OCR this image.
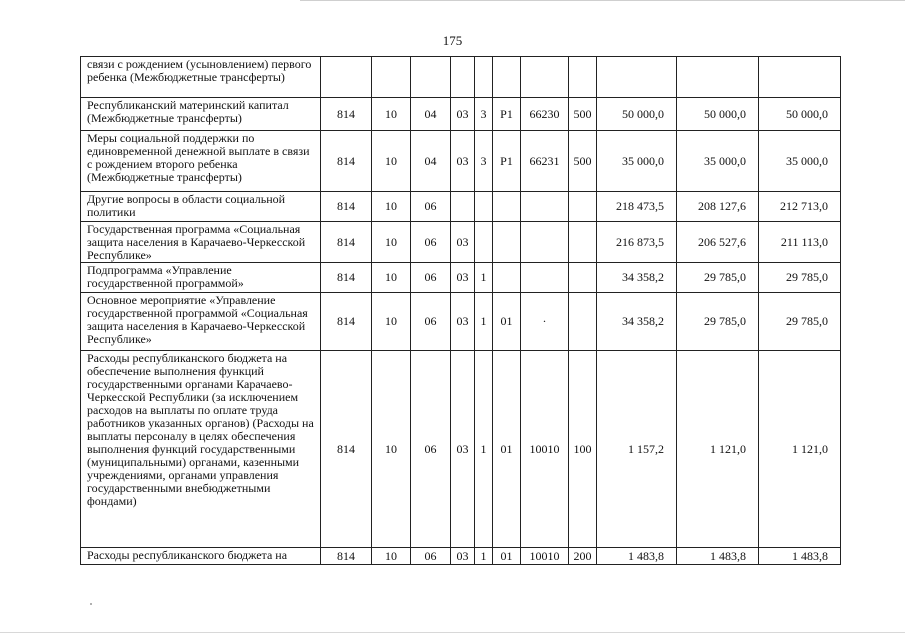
175
связи с рождением (усыновлением) первого ребенка (Межбюджетные трансферты)											
Республиканский материнский капитал (Межбюджетные трансферты)	814	10	04	03	3	P1	66230	500	50 000,0	50 000,0	50 000,0
Меры социальной поддержки по единовременной денежной выплате в связи с рождением второго ребенка (Межбюджетные трансферты)	814	10	04	03	3	P1	66231	500	35 000,0	35 000,0	35 000,0
Другие вопросы в области социальной политики	814	10	06						218 473,5	208 127,6	212 713,0
Государственная программа «Социальная защита населения в Карачаево-Черкесской Республике»	814	10	06	03					216 873,5	206 527,6	211 113,0
Подпрограмма «Управление государственной программой»	814	10	06	03	1				34 358,2	29 785,0	29 785,0
Основное мероприятие «Управление государственной программой «Социальная защита населения в Карачаево-Черкесской Республике»	814	10	06	03	1	01	·		34 358,2	29 785,0	29 785,0
Расходы республиканского бюджета на обеспечение выполнения функций государственными органами Карачаево-Черкесской Республики (за исключением расходов на выплаты по оплате труда работников указанных органов) (Расходы на выплаты персоналу в целях обеспечения выполнения функций государственными (муниципальными) органами, казенными учреждениями, органами управления государственными внебюджетными фондами)	814	10	06	03	1	01	10010	100	1 157,2	1 121,0	1 121,0
Расходы республиканского бюджета на	814	10	06	03	1	01	10010	200	1 483,8	1 483,8	1 483,8
